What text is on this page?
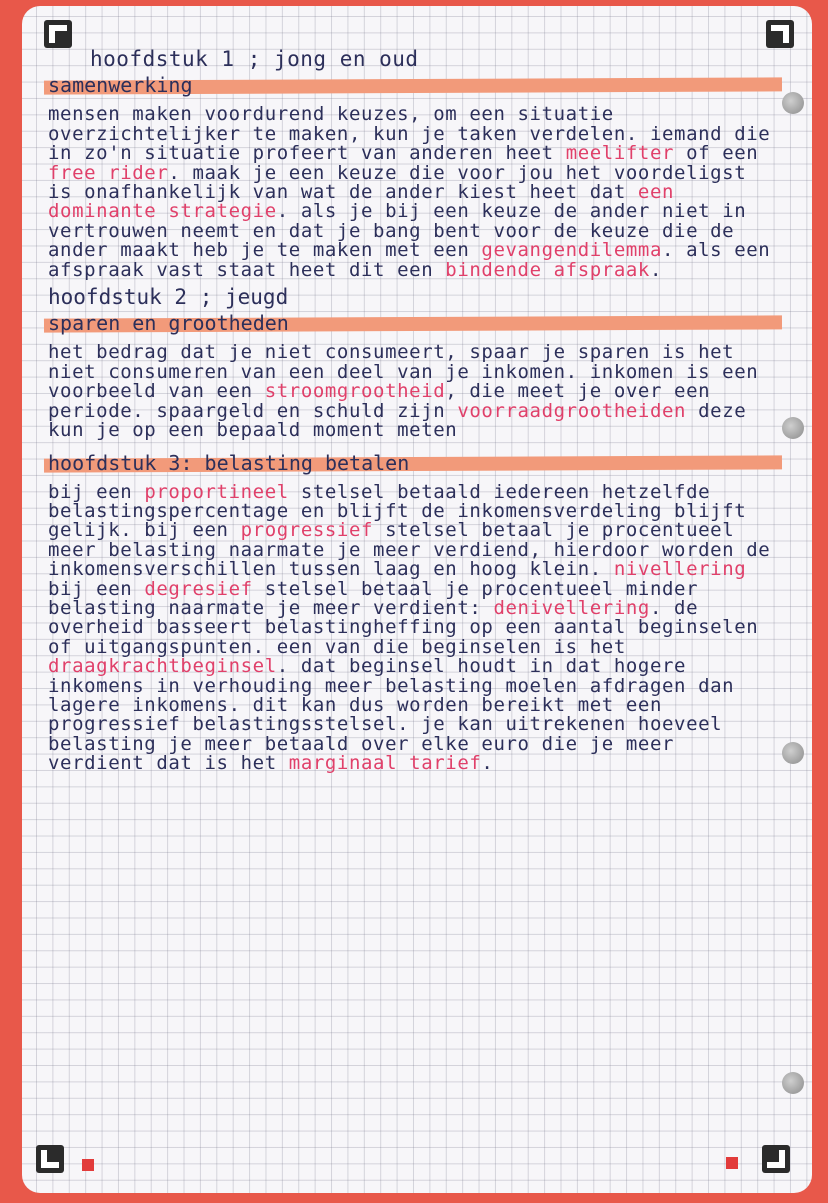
hoofdstuk 1 ; jong en oud
samenwerking

mensen maken voordurend keuzes, om een situatie overzichtelijker te maken, kun je taken verdelen. iemand die in zo'n situatie profeert van anderen heet meelifter of een free rider. maak je een keuze die voor jou het voordeligst is onafhankelijk van wat de ander kiest heet dat een dominante strategie. als je bij een keuze de ander niet in vertrouwen neemt en dat je bang bent voor de keuze die de ander maakt heb je te maken met een gevangendilemma. als een afspraak vast staat heet dit een bindende afspraak.

hoofdstuk 2 ; jeugd
sparen en grootheden

het bedrag dat je niet consumeert, spaar je sparen is het niet consumeren van een deel van je inkomen. inkomen is een voorbeeld van een stroomgrootheid, die meet je over een periode. spaargeld en schuld zijn voorraadgrootheiden deze kun je op een bepaald moment meten

hoofdstuk 3: belasting betalen

bij een proportineel stelsel betaald iedereen hetzelfde belastingspercentage en blijft de inkomensverdeling blijft gelijk. bij een progressief stelsel betaal je procentueel meer belasting naarmate je meer verdiend, hierdoor worden de inkomensverschillen tussen laag en hoog klein. nivellering bij een degresief stelsel betaal je procentueel minder belasting naarmate je meer verdient: denivellering. de overheid basseert belastingheffing op een aantal beginselen of uitgangspunten. een van die beginselen is het draagkrachtbeginsel. dat beginsel houdt in dat hogere inkomens in verhouding meer belasting moelen afdragen dan lagere inkomens. dit kan dus worden bereikt met een progressief belastingsstelsel. je kan uitrekenen hoeveel belasting je meer betaald over elke euro die je meer verdient dat is het marginaal tarief.
